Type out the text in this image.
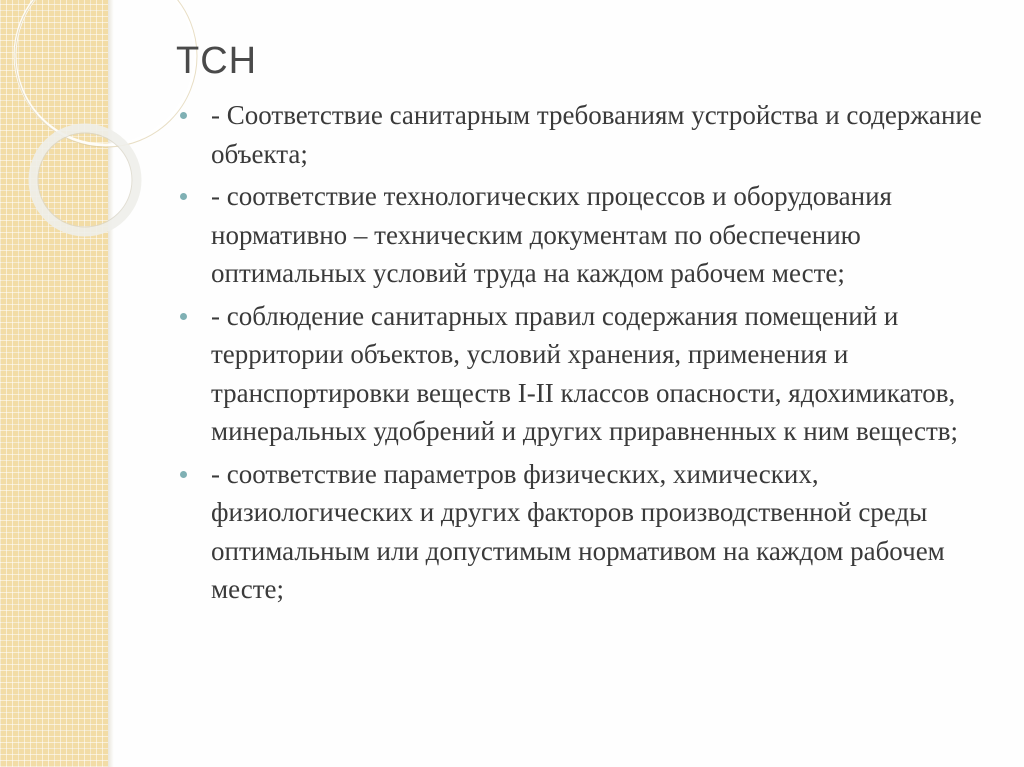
ТСН
- Соответствие санитарным требованиям устройства и содержание объекта;
- соответствие технологических процессов и оборудования нормативно – техническим документам по обеспечению оптимальных условий труда на каждом рабочем месте;
- соблюдение санитарных правил содержания помещений и территории объектов, условий хранения, применения и транспортировки веществ I-II классов опасности, ядохимикатов, минеральных удобрений и других приравненных к ним веществ;
- соответствие параметров физических, химических, физиологических и других факторов производственной среды оптимальным или допустимым нормативом на каждом рабочем месте;
